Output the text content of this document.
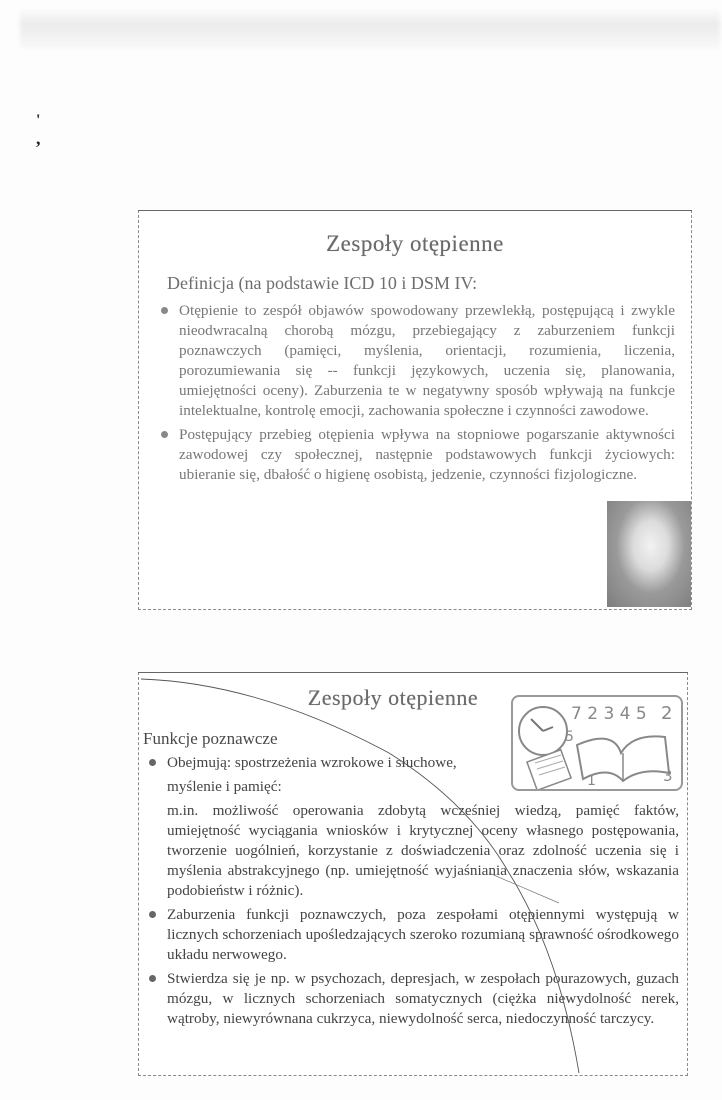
'
,
Zespoły otępienne
Definicja (na podstawie ICD 10 i DSM IV:
Otępienie to zespół objawów spowodowany przewlekłą, postępującą i zwykle nieodwracalną chorobą mózgu, przebiegający z zaburzeniem funkcji poznawczych (pamięci, myślenia, orientacji, rozumienia, liczenia, porozumiewania się -- funkcji językowych, uczenia się, planowania, umiejętności oceny). Zaburzenia te w negatywny sposób wpływają na funkcje intelektualne, kontrolę emocji, zachowania społeczne i czynności zawodowe.
Postępujący przebieg otępienia wpływa na stopniowe pogarszanie aktywności zawodowej czy społecznej, następnie podstawowych funkcji życiowych: ubieranie się, dbałość o higienę osobistą, jedzenie, czynności fizjologiczne.
Zespoły otępienne
Funkcje poznawcze
7 2 3 4 5 2
5
3
1
Obejmują: spostrzeżenia wzrokowe i słuchowe,
myślenie i pamięć:
m.in. możliwość operowania zdobytą wcześniej wiedzą, pamięć faktów, umiejętność wyciągania wniosków i krytycznej oceny własnego postępowania, tworzenie uogólnień, korzystanie z doświadczenia oraz zdolność uczenia się i myślenia abstrakcyjnego (np. umiejętność wyjaśniania znaczenia słów, wskazania podobieństw i różnic).
Zaburzenia funkcji poznawczych, poza zespołami otępiennymi występują w licznych schorzeniach upośledzających szeroko rozumianą sprawność ośrodkowego układu nerwowego.
Stwierdza się je np. w psychozach, depresjach, w zespołach pourazowych, guzach mózgu, w licznych schorzeniach somatycznych (ciężka niewydolność nerek, wątroby, niewyrównana cukrzyca, niewydolność serca, niedoczynność tarczycy.
